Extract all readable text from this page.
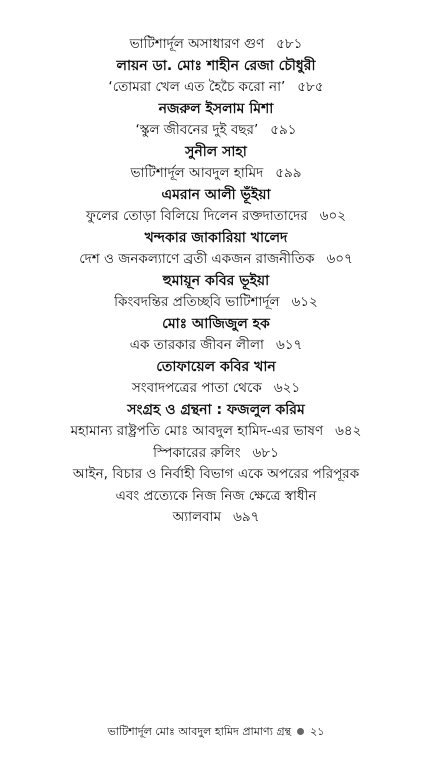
ভাটিশার্দূল অসাধারণ গুণ ৫৮১
লায়ন ডা. মোঃ শাহীন রেজা চৌধুরী
‘তোমরা খেল এত হৈচৈ করো না’ ৫৮৫
নজরুল ইসলাম মিশা
‘স্কুল জীবনের দুই বছর’ ৫৯১
সুনীল সাহা
ভাটিশার্দূল আবদুল হামিদ ৫৯৯
এমরান আলী ভূঁইয়া
ফুলের তোড়া বিলিয়ে দিলেন রক্তদাতাদের ৬০২
খন্দকার জাকারিয়া খালেদ
দেশ ও জনকল্যাণে ব্রতী একজন রাজনীতিক ৬০৭
হুমায়ূন কবির ভূইয়া
কিংবদন্তির প্রতিচ্ছবি ভাটিশার্দূল ৬১২
মোঃ আজিজুল হক
এক তারকার জীবন লীলা ৬১৭
তোফায়েল কবির খান
সংবাদপত্রের পাতা থেকে ৬২১
সংগ্রহ ও গ্রন্থনা : ফজলুল করিম
মহামান্য রাষ্ট্রপতি মোঃ আবদুল হামিদ-এর ভাষণ ৬৪২
স্পিকারের রুলিং ৬৮১
আইন, বিচার ও নির্বাহী বিভাগ একে অপরের পরিপূরক
এবং প্রত্যেকে নিজ নিজ ক্ষেত্রে স্বাধীন
অ্যালবাম ৬৯৭
ভাটিশার্দূল মোঃ আবদুল হামিদ প্রামাণ্য গ্রন্থ ২১
